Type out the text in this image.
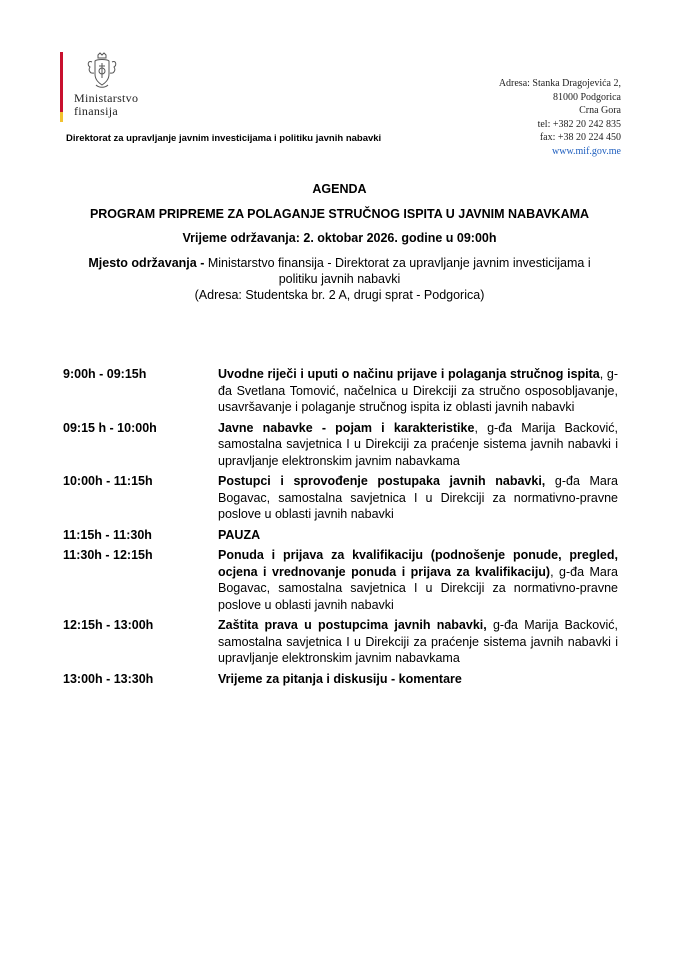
Ministarstvo
finansija
Direktorat za upravljanje javnim investicijama i politiku javnih nabavki
Adresa: Stanka Dragojevića 2,
81000 Podgorica
Crna Gora
tel: +382 20 242 835
fax: +38 20 224 450
www.mif.gov.me
AGENDA
PROGRAM PRIPREME ZA POLAGANJE STRUČNOG ISPITA U JAVNIM NABAVKAMA
Vrijeme održavanja: 2. oktobar 2026. godine u 09:00h
Mjesto održavanja - Ministarstvo finansija - Direktorat za upravljanje javnim investicijama i politiku javnih nabavki
(Adresa: Studentska br. 2 A, drugi sprat - Podgorica)
9:00h - 09:15h	Uvodne riječi i uputi o načinu prijave i polaganja stručnog ispita, g-đa Svetlana Tomović, načelnica u Direkciji za stručno osposobljavanje, usavršavanje i polaganje stručnog ispita iz oblasti javnih nabavki
09:15 h - 10:00h	Javne nabavke - pojam i karakteristike, g-đa Marija Backović, samostalna savjetnica I u Direkciji za praćenje sistema javnih nabavki i upravljanje elektronskim javnim nabavkama
10:00h - 11:15h	Postupci i sprovođenje postupaka javnih nabavki, g-đa Mara Bogavac, samostalna savjetnica I u Direkciji za normativno-pravne poslove u oblasti javnih nabavki
11:15h - 11:30h	PAUZA
11:30h - 12:15h	Ponuda i prijava za kvalifikaciju (podnošenje ponude, pregled, ocjena i vrednovanje ponuda i prijava za kvalifikaciju), g-đa Mara Bogavac, samostalna savjetnica I u Direkciji za normativno-pravne poslove u oblasti javnih nabavki
12:15h - 13:00h	Zaštita prava u postupcima javnih nabavki, g-đa Marija Backović, samostalna savjetnica I u Direkciji za praćenje sistema javnih nabavki i upravljanje elektronskim javnim nabavkama
13:00h - 13:30h	Vrijeme za pitanja i diskusiju - komentare
